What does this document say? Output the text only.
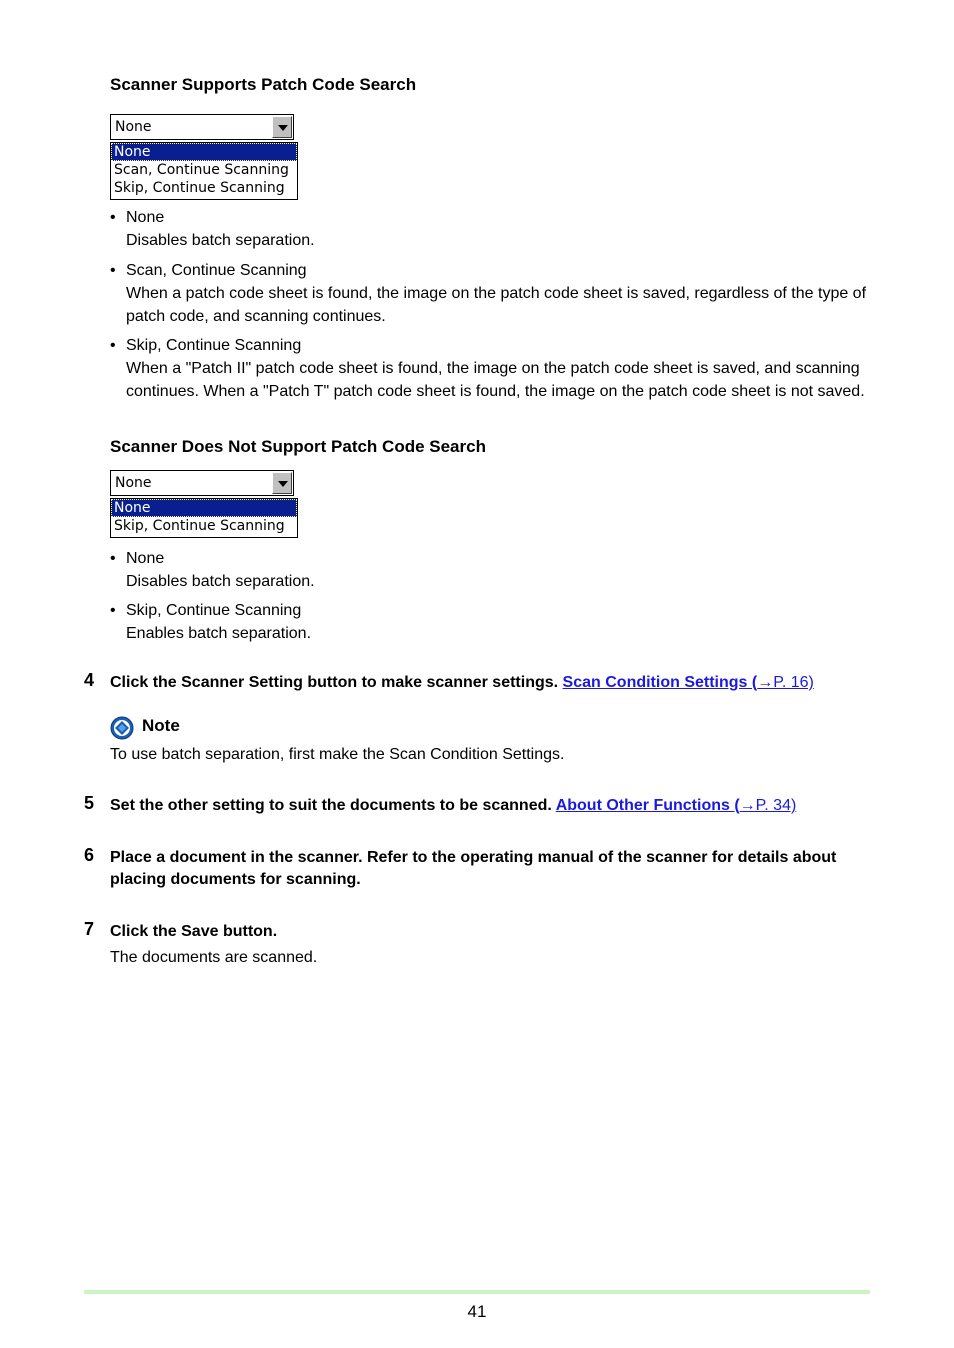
Scanner Supports Patch Code Search
None
None
Scan, Continue Scanning
Skip, Continue Scanning
• None
Disables batch separation.
• Scan, Continue Scanning
When a patch code sheet is found, the image on the patch code sheet is saved, regardless of the type of patch code, and scanning continues.
• Skip, Continue Scanning
When a "Patch II" patch code sheet is found, the image on the patch code sheet is saved, and scanning continues. When a "Patch T" patch code sheet is found, the image on the patch code sheet is not saved.
Scanner Does Not Support Patch Code Search
None
None
Skip, Continue Scanning
• None
Disables batch separation.
• Skip, Continue Scanning
Enables batch separation.
4 Click the Scanner Setting button to make scanner settings. Scan Condition Settings (→P. 16)
Note
To use batch separation, first make the Scan Condition Settings.
5 Set the other setting to suit the documents to be scanned. About Other Functions (→P. 34)
6 Place a document in the scanner. Refer to the operating manual of the scanner for details about placing documents for scanning.
7 Click the Save button.
The documents are scanned.
41
